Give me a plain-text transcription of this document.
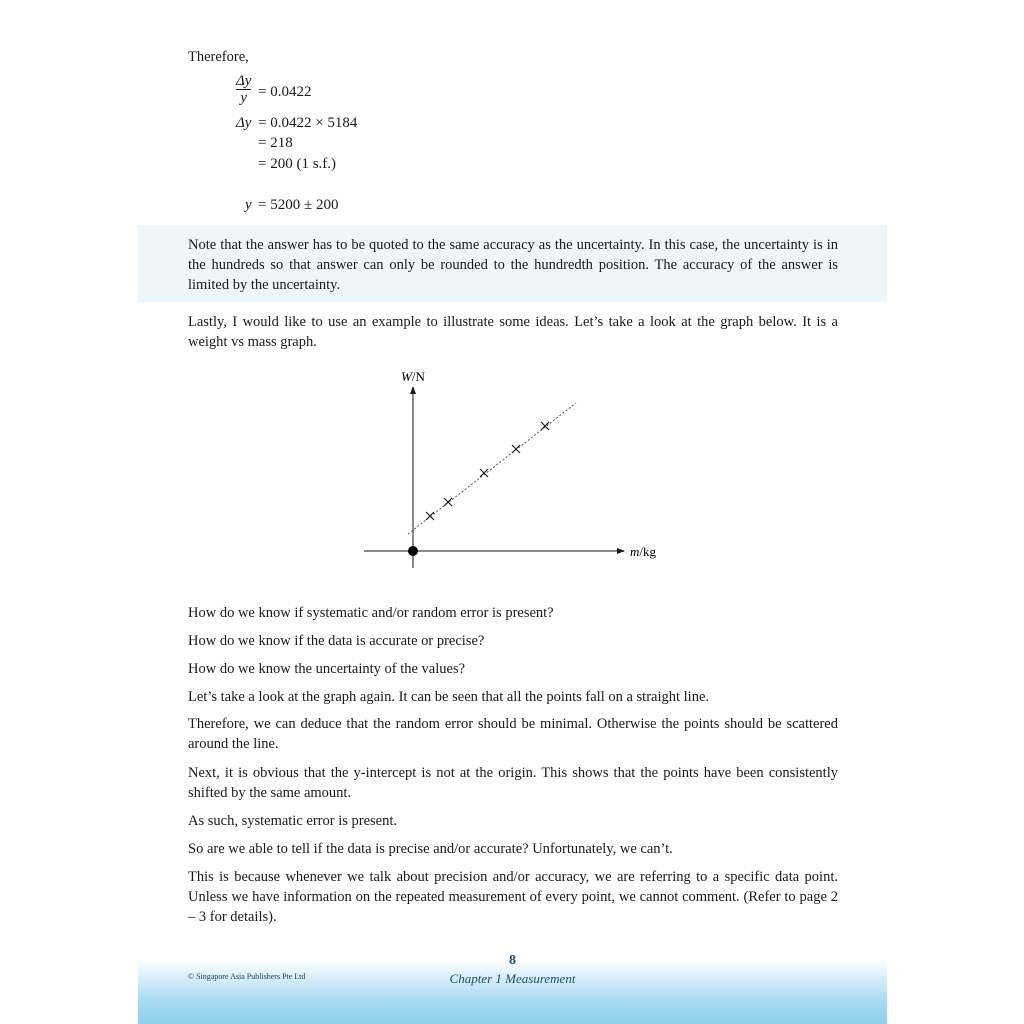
Therefore,
Δy
y = 0.0422
Δy = 0.0422 × 5184
= 218
= 200 (1 s.f.)
y = 5200 ± 200
Note that the answer has to be quoted to the same accuracy as the uncertainty. In this case, the uncertainty is in the hundreds so that answer can only be rounded to the hundredth position. The accuracy of the answer is limited by the uncertainty.
Lastly, I would like to use an example to illustrate some ideas. Let’s take a look at the graph below. It is a weight vs mass graph.
W/N
m/kg
How do we know if systematic and/or random error is present?
How do we know if the data is accurate or precise?
How do we know the uncertainty of the values?
Let’s take a look at the graph again. It can be seen that all the points fall on a straight line.
Therefore, we can deduce that the random error should be minimal. Otherwise the points should be scattered around the line.
Next, it is obvious that the y-intercept is not at the origin. This shows that the points have been consistently shifted by the same amount.
As such, systematic error is present.
So are we able to tell if the data is precise and/or accurate? Unfortunately, we can’t.
This is because whenever we talk about precision and/or accuracy, we are referring to a specific data point. Unless we have information on the repeated measurement of every point, we cannot comment. (Refer to page 2 – 3 for details).
© Singapore Asia Publishers Pte Ltd
8
Chapter 1 Measurement
